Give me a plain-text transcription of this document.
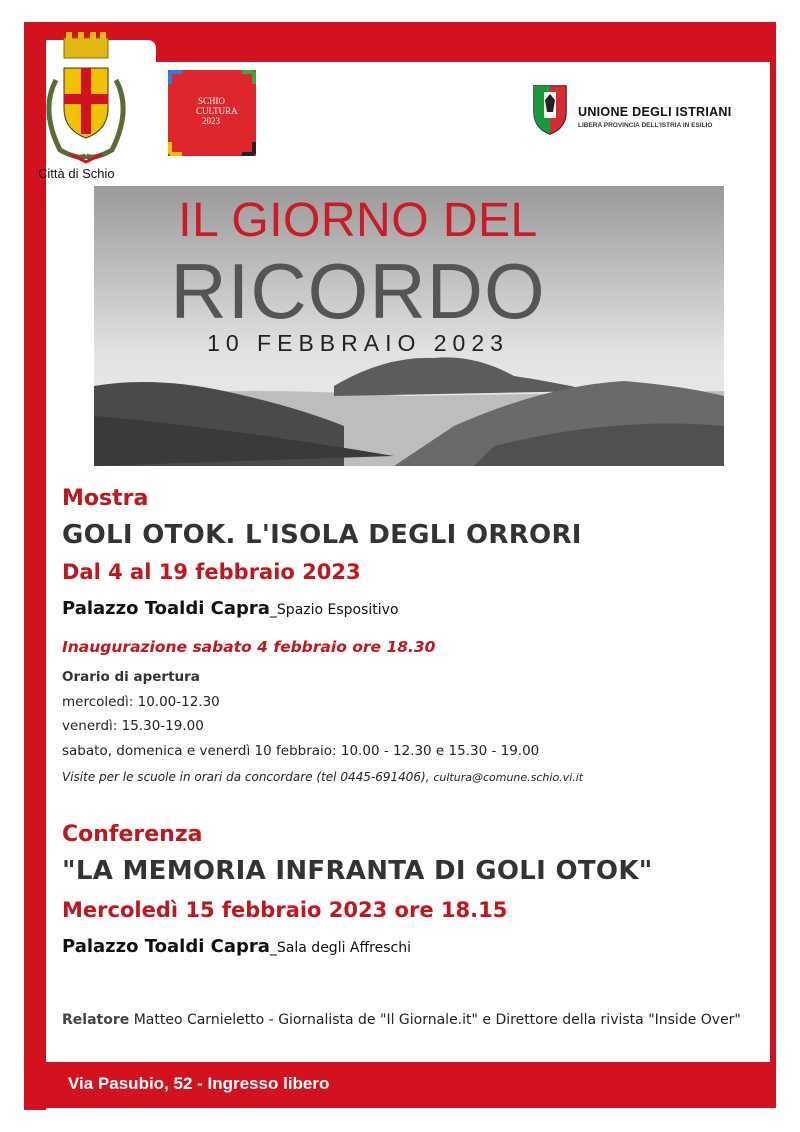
Città di Schio
SCHIO
CULTURA
2023
UNIONE DEGLI ISTRIANI
LIBERA PROVINCIA DELL'ISTRIA IN ESILIO
IL GIORNO DEL
RICORDO
10 FEBBRAIO 2023
Mostra
GOLI OTOK. L'ISOLA DEGLI ORRORI
Dal 4 al 19 febbraio 2023
Palazzo Toaldi Capra_Spazio Espositivo
Inaugurazione sabato 4 febbraio ore 18.30
Orario di apertura
mercoledì: 10.00-12.30
venerdì: 15.30-19.00
sabato, domenica e venerdì 10 febbraio: 10.00 - 12.30 e 15.30 - 19.00
Visite per le scuole in orari da concordare (tel 0445-691406), cultura@comune.schio.vi.it
Conferenza
"LA MEMORIA INFRANTA DI GOLI OTOK"
Mercoledì 15 febbraio 2023 ore 18.15
Palazzo Toaldi Capra_Sala degli Affreschi
Relatore Matteo Carnieletto - Giornalista de "Il Giornale.it" e Direttore della rivista "Inside Over"
Via Pasubio, 52 - Ingresso libero
